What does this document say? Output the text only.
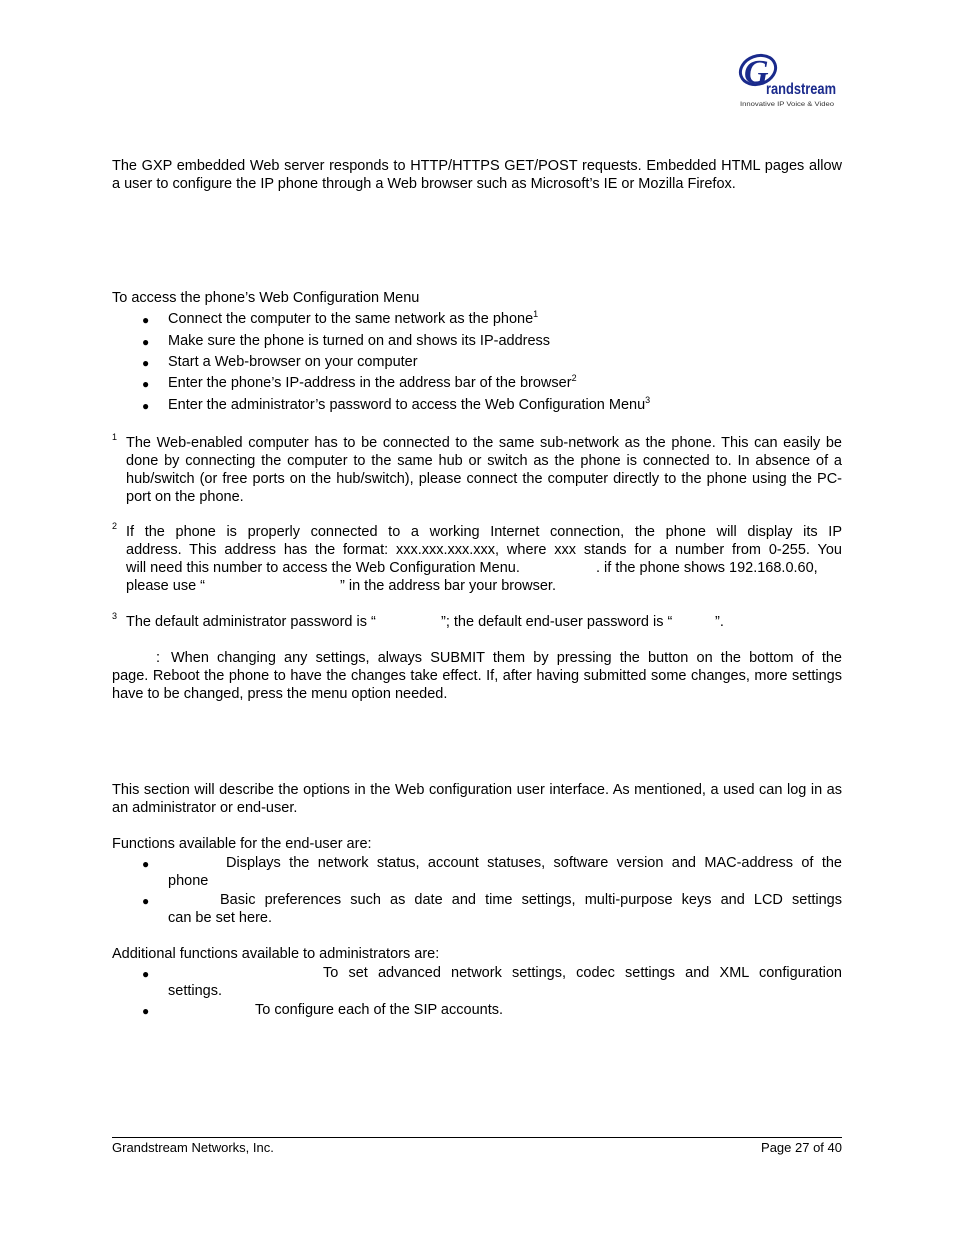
G
randstream
Innovative IP Voice & Video
The GXP embedded Web server responds to HTTP/HTTPS GET/POST requests. Embedded HTML pages allow a user to configure the IP phone through a Web browser such as Microsoft’s IE or Mozilla Firefox.
To access the phone’s Web Configuration Menu
● Connect the computer to the same network as the phone$^1$
● Make sure the phone is turned on and shows its IP-address
● Start a Web-browser on your computer
● Enter the phone’s IP-address in the address bar of the browser$^2$
● Enter the administrator’s password to access the Web Configuration Menu$^3$
1 The Web-enabled computer has to be connected to the same sub-network as the phone. This can easily be done by connecting the computer to the same hub or switch as the phone is connected to. In absence of a hub/switch (or free ports on the hub/switch), please connect the computer directly to the phone using the PC-port on the phone.
2 If the phone is properly connected to a working Internet connection, the phone will display its IP
address. This address has the format: xxx.xxx.xxx.xxx, where xxx stands for a number from 0-255. You
will need this number to access the Web Configuration Menu.	. if the phone shows 192.168.0.60,
please use “	” in the address bar your browser.
3 The default administrator password is “	”; the default end-user password is “	”.
: When changing any settings, always SUBMIT them by pressing the button on the bottom of the
page. Reboot the phone to have the changes take effect. If, after having submitted some changes, more settings have to be changed, press the menu option needed.
This section will describe the options in the Web configuration user interface. As mentioned, a used can log in as an administrator or end-user.
Functions available for the end-user are:
●	Displays the network status, account statuses, software version and MAC-address of the
phone
●	Basic preferences such as date and time settings, multi-purpose keys and LCD settings
can be set here.
Additional functions available to administrators are:
●	To set advanced network settings, codec settings and XML configuration
settings.
●	To configure each of the SIP accounts.
Grandstream Networks, Inc.	Page 27 of 40
